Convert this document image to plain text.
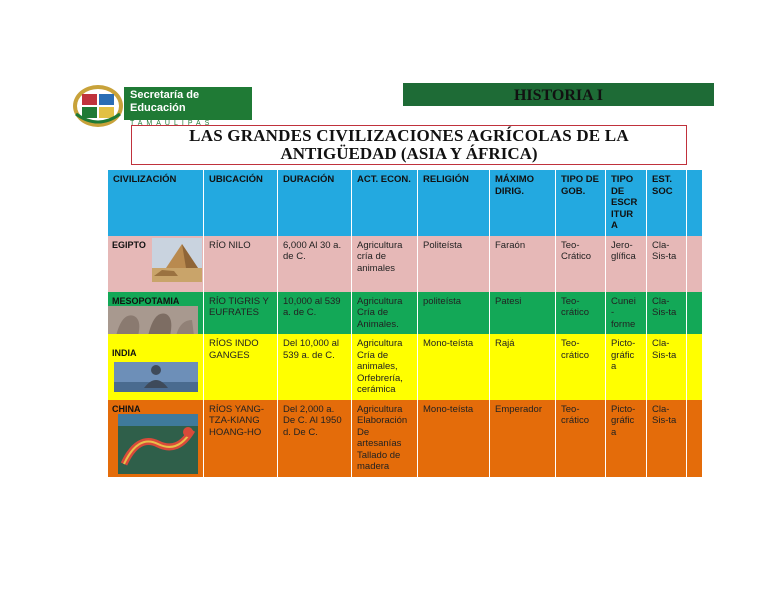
Secretaría de
Educación
TAMAULIPAS
HISTORIA I
LAS GRANDES CIVILIZACIONES AGRÍCOLAS DE LA
ANTIGÜEDAD (ASIA Y ÁFRICA)
CIVILIZACIÓN	UBICACIÓN	DURACIÓN	ACT. ECON.	RELIGIÓN	MÁXIMO DIRIG.	TIPO DE GOB.	TIPO DE ESCR ITUR A	EST. SOC	
EGIPTO	RÍO NILO	6,000 Al 30 a. de C.	Agricultura cría de animales	Politeísta	Faraón	Teo-Crático	Jero-glífica	Cla-Sis-ta	
MESOPOTAMIA	RÍO TIGRIS Y EUFRATES	10,000 al 539 a. de C.	Agricultura Cría de Animales.	politeísta	Patesi	Teo-crático	Cunei - forme	Cla-Sis-ta	

INDIA	RÍOS INDO GANGES	Del 10,000 al 539 a. de C.	Agricultura Cría de animales, Orfebrería, cerámica	Mono-teísta	Rajá	Teo-crático	Picto-gráfic a	Cla-Sis-ta	
CHINA	RÍOS YANG-TZA-KIANG HOANG-HO	Del 2,000 a. De C. Al 1950 d. De C.	Agricultura Elaboración De artesanías Tallado de madera	Mono-teísta	Emperador	Teo-crático	Picto-gráfic a	Cla-Sis-ta	
